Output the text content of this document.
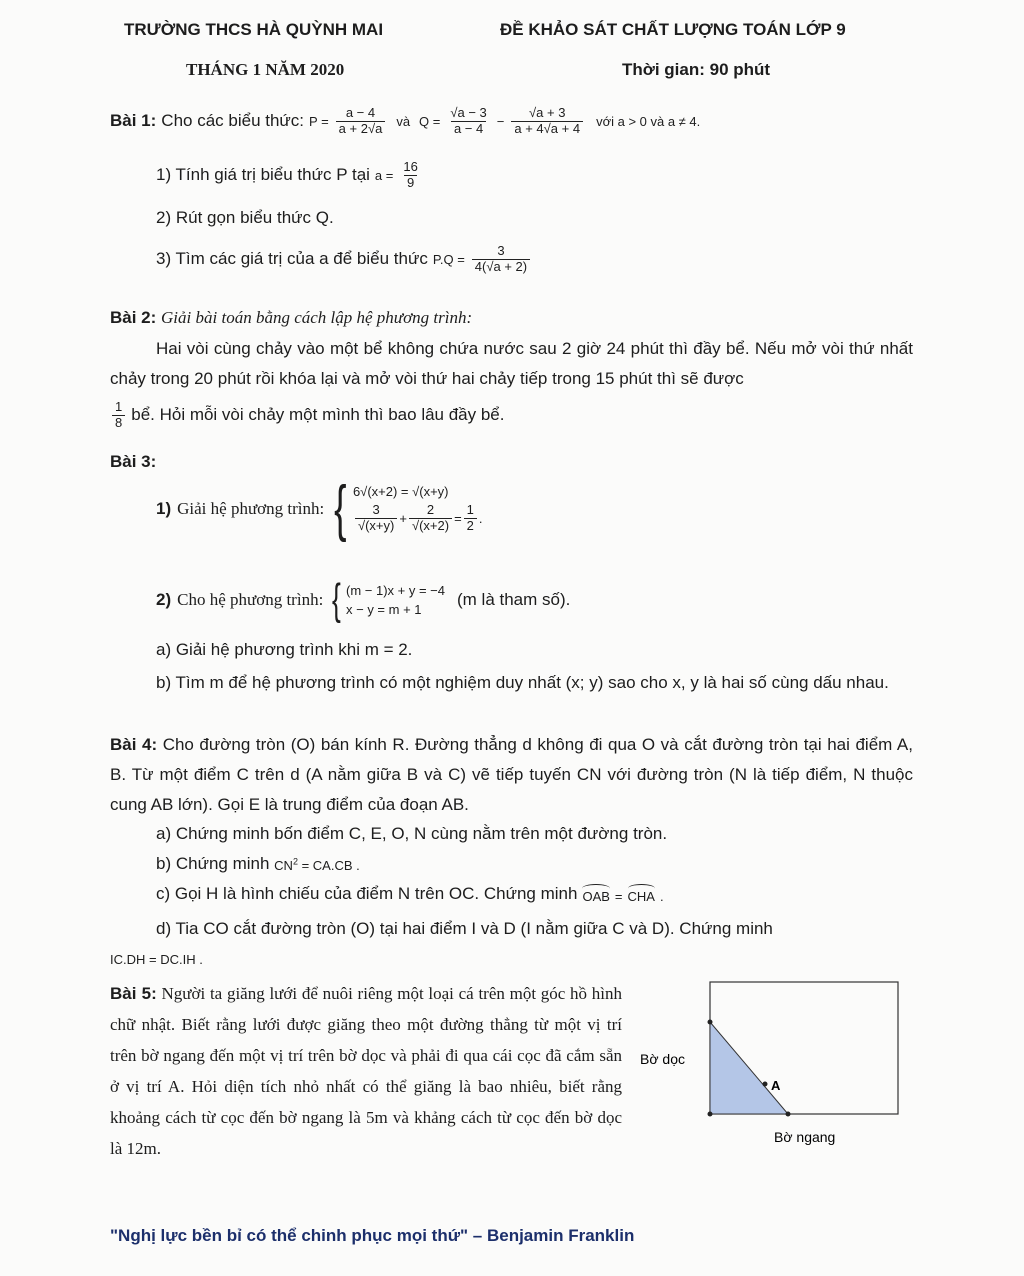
TRƯỜNG THCS HÀ QUỲNH MAI	ĐỀ KHẢO SÁT CHẤT LƯỢNG TOÁN LỚP 9
THÁNG 1 NĂM 2020	Thời gian: 90 phút
Bài 1: Cho các biểu thức: $P = \frac{a - 4}{a + 2√a}$ và $Q = \frac{√a - 3}{a - 4} - \frac{√a + 3}{a + 4√a + 4}$ với a > 0 và a ≠ 4.
1) Tính giá trị biểu thức P tại $a = \frac{16}{9}$
2) Rút gọn biểu thức Q.
3) Tìm các giá trị của a để biểu thức $P.Q = \frac{3}{4(√a + 2)}$
Bài 2: Giải bài toán bằng cách lập hệ phương trình:
Hai vòi cùng chảy vào một bể không chứa nước sau 2 giờ 24 phút thì đầy bể. Nếu mở vòi thứ nhất chảy trong 20 phút rồi khóa lại và mở vòi thứ hai chảy tiếp trong 15 phút thì sẽ được
$\frac{1}{8}$ bể. Hỏi mỗi vòi chảy một mình thì bao lâu đầy bể.
Bài 3:
1) Giải hệ phương trình: { 6√(x+2) = √(x+y)
$\frac{3}{√(x+y)} + \frac{2}{√(x+2)} = \frac{1}{2}$ .
2) Cho hệ phương trình: { (m − 1)x + y = −4
x − y = m + 1
(m là tham số).
a) Giải hệ phương trình khi m = 2.
b) Tìm m để hệ phương trình có một nghiệm duy nhất (x; y) sao cho x, y là hai số cùng dấu nhau.
Bài 4: Cho đường tròn (O) bán kính R. Đường thẳng d không đi qua O và cắt đường tròn tại hai điểm A, B. Từ một điểm C trên d (A nằm giữa B và C) vẽ tiếp tuyến CN với đường tròn (N là tiếp điểm, N thuộc cung AB lớn). Gọi E là trung điểm của đoạn AB.
a) Chứng minh bốn điểm C, E, O, N cùng nằm trên một đường tròn.
b) Chứng minh $CN^2 = CA.CB$ .
c) Gọi H là hình chiếu của điểm N trên OC. Chứng minh OAB = CHA .
d) Tia CO cắt đường tròn (O) tại hai điểm I và D (I nằm giữa C và D). Chứng minh
IC.DH = DC.IH .
Bài 5: Người ta giăng lưới để nuôi riêng một loại cá trên một góc hồ hình chữ nhật. Biết rằng lưới được giăng theo một đường thẳng từ một vị trí trên bờ ngang đến một vị trí trên bờ dọc và phải đi qua cái cọc đã cắm sẵn ở vị trí A. Hỏi diện tích nhỏ nhất có thể giăng là bao nhiêu, biết rằng khoảng cách từ cọc đến bờ ngang là 5m và khảng cách từ cọc đến bờ dọc là 12m.
A
Bờ dọc
Bờ ngang
"Nghị lực bền bỉ có thể chinh phục mọi thứ" – Benjamin Franklin
